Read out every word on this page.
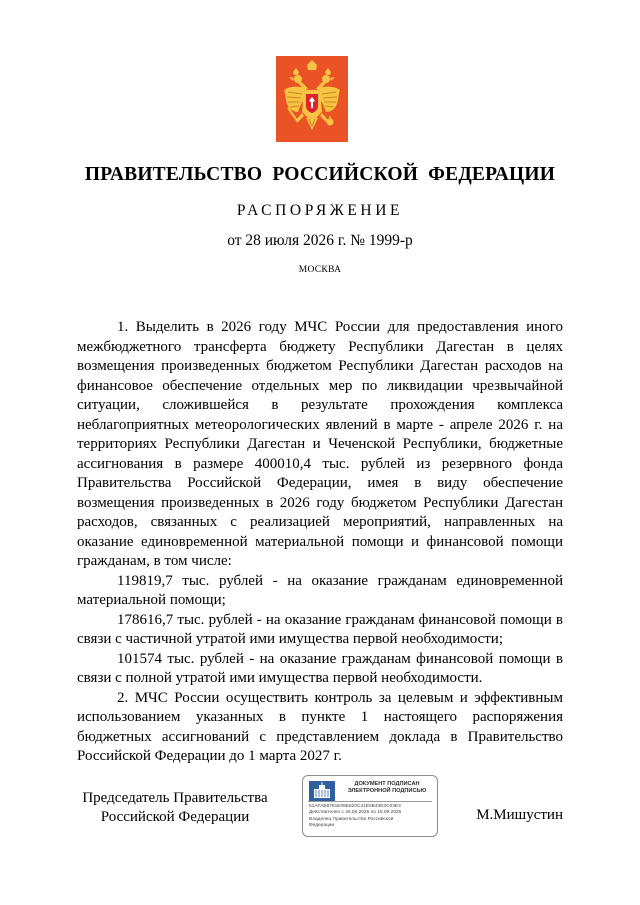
ПРАВИТЕЛЬСТВО РОССИЙСКОЙ ФЕДЕРАЦИИ
РАСПОРЯЖЕНИЕ
от 28 июля 2026 г. № 1999-р
МОСКВА

1. Выделить в 2026 году МЧС России для предоставления иного межбюджетного трансферта бюджету Республики Дагестан в целях возмещения произведенных бюджетом Республики Дагестан расходов на финансовое обеспечение отдельных мер по ликвидации чрезвычайной ситуации, сложившейся в результате прохождения комплекса неблагоприятных метеорологических явлений в марте - апреле 2026 г. на территориях Республики Дагестан и Чеченской Республики, бюджетные ассигнования в размере 400010,4 тыс. рублей из резервного фонда Правительства Российской Федерации, имея в виду обеспечение возмещения произведенных в 2026 году бюджетом Республики Дагестан расходов, связанных с реализацией мероприятий, направленных на оказание единовременной материальной помощи и финансовой помощи гражданам, в том числе:

119819,7 тыс. рублей - на оказание гражданам единовременной материальной помощи;

178616,7 тыс. рублей - на оказание гражданам финансовой помощи в связи с частичной утратой ими имущества первой необходимости;

101574 тыс. рублей - на оказание гражданам финансовой помощи в связи с полной утратой ими имущества первой необходимости.

2. МЧС России осуществить контроль за целевым и эффективным использованием указанных в пункте 1 настоящего распоряжения бюджетных ассигнований с представлением доклада в Правительство Российской Федерации до 1 марта 2027 г.

Председатель Правительства
Российской Федерации
ДОКУМЕНТ ПОДПИСАН
ЭЛЕКТРОННОЙ ПОДПИСЬЮ
51AFAB6781E08E620C41E5B43E3C03E3
Действителен с 26.06.2025 по 19.09.2026
Владелец Правительство Российской
Федерации
М.Мишустин
